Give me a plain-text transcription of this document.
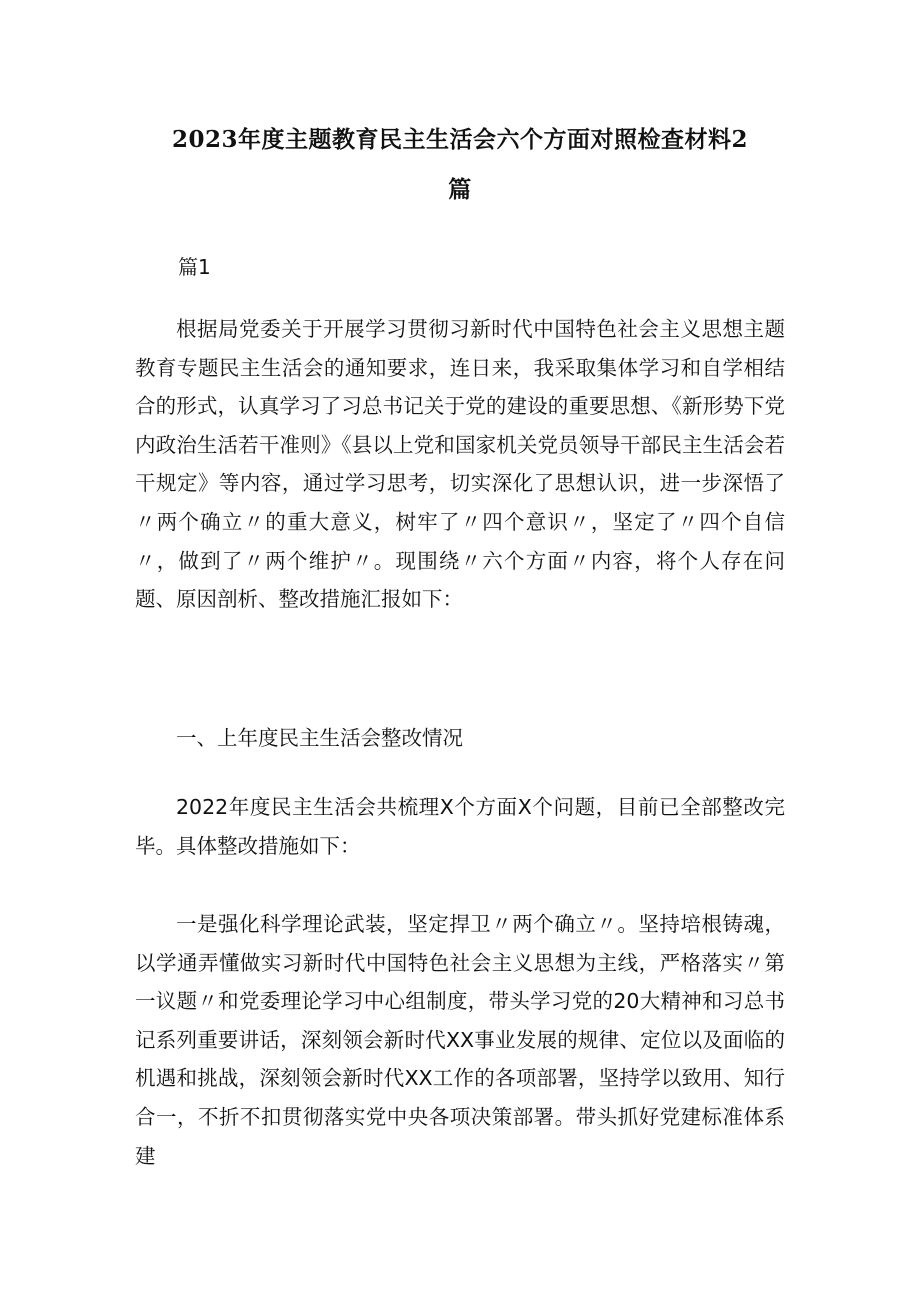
2023年度主题教育民主生活会六个方面对照检查材料2
篇
篇1

根据局党委关于开展学习贯彻习新时代中国特色社会主义思想主题教育专题民主生活会的通知要求，连日来，我采取集体学习和自学相结合的形式，认真学习了习总书记关于党的建设的重要思想、《新形势下党内政治生活若干准则》《县以上党和国家机关党员领导干部民主生活会若干规定》等内容，通过学习思考，切实深化了思想认识，进一步深悟了〃两个确立〃的重大意义，树牢了〃四个意识〃，坚定了〃四个自信〃，做到了〃两个维护〃。现围绕〃六个方面〃内容，将个人存在问题、原因剖析、整改措施汇报如下：

一、上年度民主生活会整改情况

2022年度民主生活会共梳理X个方面X个问题，目前已全部整改完毕。具体整改措施如下：

一是强化科学理论武装，坚定捍卫〃两个确立〃。坚持培根铸魂，以学通弄懂做实习新时代中国特色社会主义思想为主线，严格落实〃第一议题〃和党委理论学习中心组制度，带头学习党的20大精神和习总书记系列重要讲话，深刻领会新时代XX事业发展的规律、定位以及面临的机遇和挑战，深刻领会新时代XX工作的各项部署，坚持学以致用、知行合一，不折不扣贯彻落实党中央各项决策部署。带头抓好党建标准体系建
